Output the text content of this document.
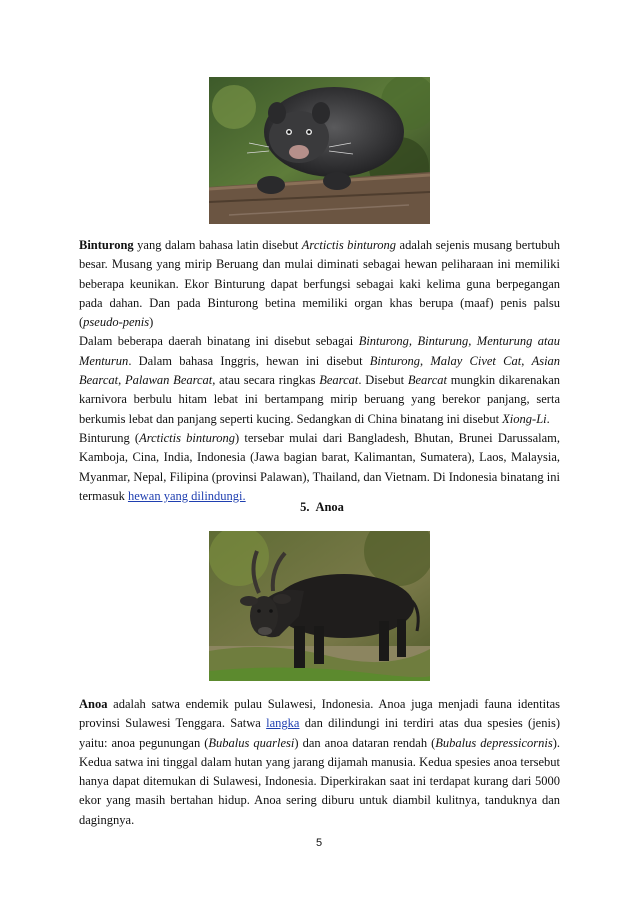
Binturong yang dalam bahasa latin disebut Arctictis binturong adalah sejenis musang bertubuh besar. Musang yang mirip Beruang dan mulai diminati sebagai hewan peliharaan ini memiliki beberapa keunikan. Ekor Binturung dapat berfungsi sebagai kaki kelima guna berpegangan pada dahan. Dan pada Binturong betina memiliki organ khas berupa (maaf) penis palsu (pseudo-penis)

Dalam beberapa daerah binatang ini disebut sebagai Binturong, Binturung, Menturung atau Menturun. Dalam bahasa Inggris, hewan ini disebut Binturong, Malay Civet Cat, Asian Bearcat, Palawan Bearcat, atau secara ringkas Bearcat. Disebut Bearcat mungkin dikarenakan karnivora berbulu hitam lebat ini bertampang mirip beruang yang berekor panjang, serta berkumis lebat dan panjang seperti kucing. Sedangkan di China binatang ini disebut Xiong-Li.

Binturung (Arctictis binturong) tersebar mulai dari Bangladesh, Bhutan, Brunei Darussalam, Kamboja, Cina, India, Indonesia (Jawa bagian barat, Kalimantan, Sumatera), Laos, Malaysia, Myanmar, Nepal, Filipina (provinsi Palawan), Thailand, dan Vietnam. Di Indonesia binatang ini termasuk hewan yang dilindungi.

5. Anoa

Anoa adalah satwa endemik pulau Sulawesi, Indonesia. Anoa juga menjadi fauna identitas provinsi Sulawesi Tenggara. Satwa langka dan dilindungi ini terdiri atas dua spesies (jenis) yaitu: anoa pegunungan (Bubalus quarlesi) dan anoa dataran rendah (Bubalus depressicornis). Kedua satwa ini tinggal dalam hutan yang jarang dijamah manusia. Kedua spesies anoa tersebut hanya dapat ditemukan di Sulawesi, Indonesia. Diperkirakan saat ini terdapat kurang dari 5000 ekor yang masih bertahan hidup. Anoa sering diburu untuk diambil kulitnya, tanduknya dan dagingnya.

5
